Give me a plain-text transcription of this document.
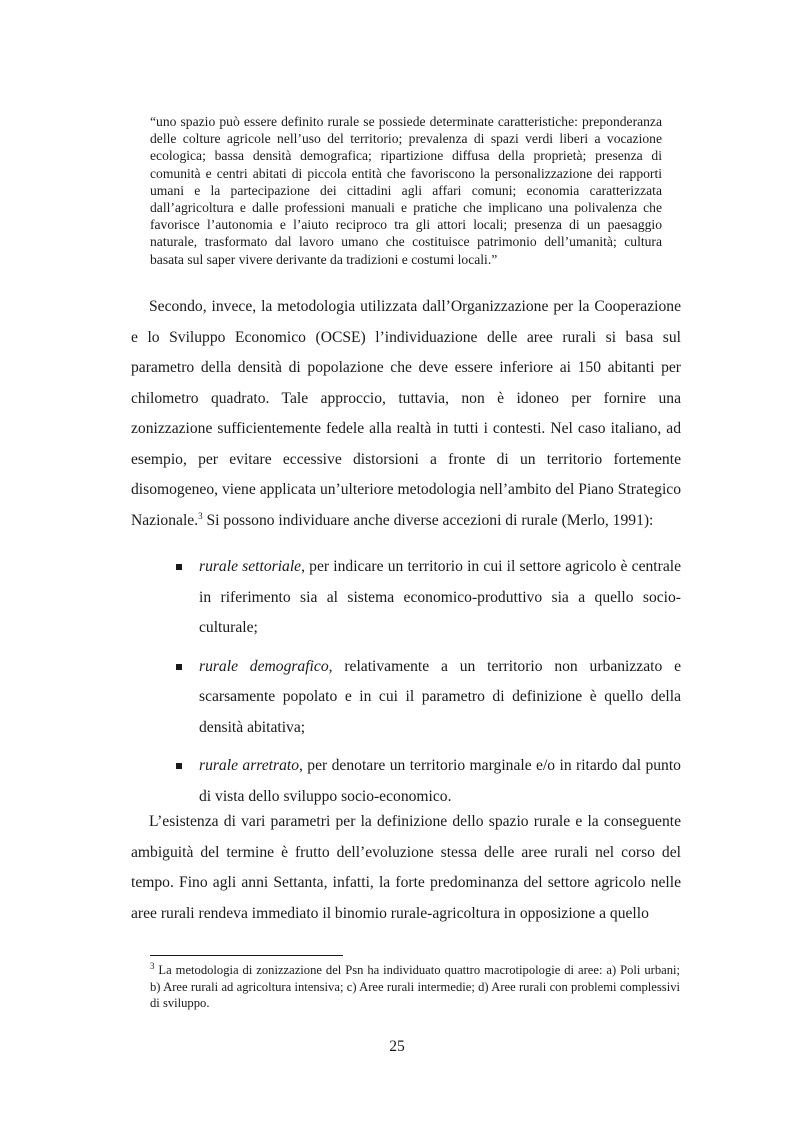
“uno spazio può essere definito rurale se possiede determinate caratteristiche: preponderanza delle colture agricole nell’uso del territorio; prevalenza di spazi verdi liberi a vocazione ecologica; bassa densità demografica; ripartizione diffusa della proprietà; presenza di comunità e centri abitati di piccola entità che favoriscono la personalizzazione dei rapporti umani e la partecipazione dei cittadini agli affari comuni; economia caratterizzata dall’agricoltura e dalle professioni manuali e pratiche che implicano una polivalenza che favorisce l’autonomia e l’aiuto reciproco tra gli attori locali; presenza di un paesaggio naturale, trasformato dal lavoro umano che costituisce patrimonio dell’umanità; cultura basata sul saper vivere derivante da tradizioni e costumi locali.”
Secondo, invece, la metodologia utilizzata dall’Organizzazione per la Cooperazione e lo Sviluppo Economico (OCSE) l’individuazione delle aree rurali si basa sul parametro della densità di popolazione che deve essere inferiore ai 150 abitanti per chilometro quadrato. Tale approccio, tuttavia, non è idoneo per fornire una zonizzazione sufficientemente fedele alla realtà in tutti i contesti. Nel caso italiano, ad esempio, per evitare eccessive distorsioni a fronte di un territorio fortemente disomogeneo, viene applicata un’ulteriore metodologia nell’ambito del Piano Strategico Nazionale.$^3$ Si possono individuare anche diverse accezioni di rurale (Merlo, 1991):
rurale settoriale, per indicare un territorio in cui il settore agricolo è centrale in riferimento sia al sistema economico-produttivo sia a quello socio-culturale;
rurale demografico, relativamente a un territorio non urbanizzato e scarsamente popolato e in cui il parametro di definizione è quello della densità abitativa;
rurale arretrato, per denotare un territorio marginale e/o in ritardo dal punto di vista dello sviluppo socio-economico.
L’esistenza di vari parametri per la definizione dello spazio rurale e la conseguente ambiguità del termine è frutto dell’evoluzione stessa delle aree rurali nel corso del tempo. Fino agli anni Settanta, infatti, la forte predominanza del settore agricolo nelle aree rurali rendeva immediato il binomio rurale-agricoltura in opposizione a quello
$^3$ La metodologia di zonizzazione del Psn ha individuato quattro macrotipologie di aree: a) Poli urbani; b) Aree rurali ad agricoltura intensiva; c) Aree rurali intermedie; d) Aree rurali con problemi complessivi di sviluppo.
25
